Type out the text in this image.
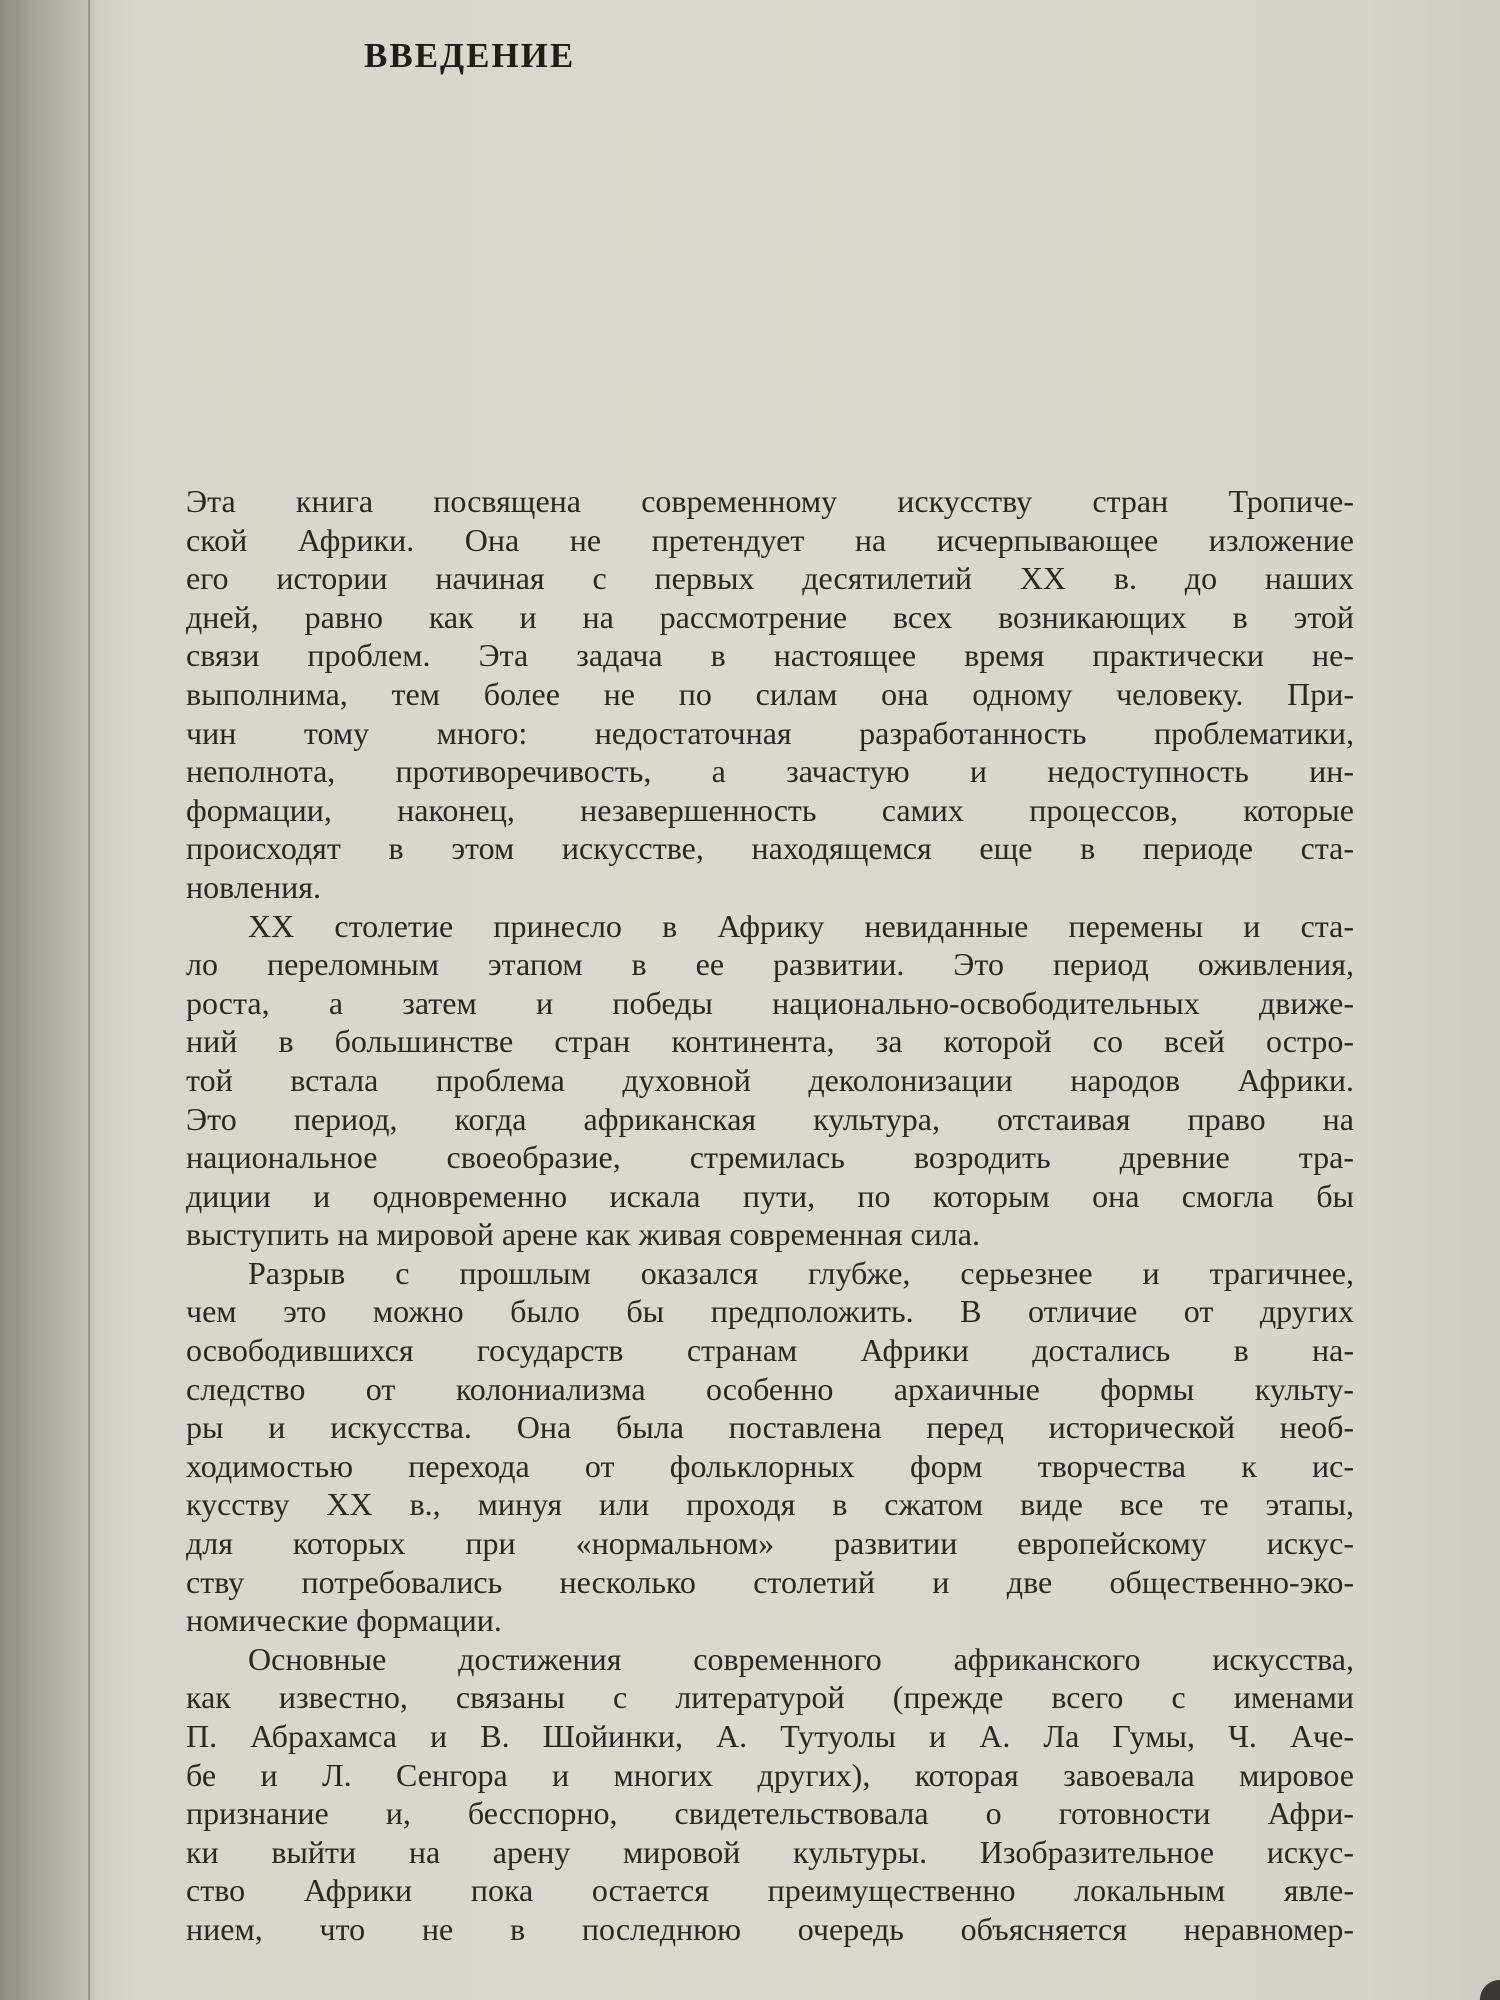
ВВЕДЕНИЕ
Эта книга посвящена современному искусству стран Тропиче-
ской Африки. Она не претендует на исчерпывающее изложение
его истории начиная с первых десятилетий XX в. до наших
дней, равно как и на рассмотрение всех возникающих в этой
связи проблем. Эта задача в настоящее время практически не-
выполнима, тем более не по силам она одному человеку. При-
чин тому много: недостаточная разработанность проблематики,
неполнота, противоречивость, а зачастую и недоступность ин-
формации, наконец, незавершенность самих процессов, которые
происходят в этом искусстве, находящемся еще в периоде ста-
новления.
XX столетие принесло в Африку невиданные перемены и ста-
ло переломным этапом в ее развитии. Это период оживления,
роста, а затем и победы национально-освободительных движе-
ний в большинстве стран континента, за которой со всей остро-
той встала проблема духовной деколонизации народов Африки.
Это период, когда африканская культура, отстаивая право на
национальное своеобразие, стремилась возродить древние тра-
диции и одновременно искала пути, по которым она смогла бы
выступить на мировой арене как живая современная сила.
Разрыв с прошлым оказался глубже, серьезнее и трагичнее,
чем это можно было бы предположить. В отличие от других
освободившихся государств странам Африки достались в на-
следство от колониализма особенно архаичные формы культу-
ры и искусства. Она была поставлена перед исторической необ-
ходимостью перехода от фольклорных форм творчества к ис-
кусству XX в., минуя или проходя в сжатом виде все те этапы,
для которых при «нормальном» развитии европейскому искус-
ству потребовались несколько столетий и две общественно-эко-
номические формации.
Основные достижения современного африканского искусства,
как известно, связаны с литературой (прежде всего с именами
П. Абрахамса и В. Шойинки, А. Тутуолы и А. Ла Гумы, Ч. Аче-
бе и Л. Сенгора и многих других), которая завоевала мировое
признание и, бесспорно, свидетельствовала о готовности Афри-
ки выйти на арену мировой культуры. Изобразительное искус-
ство Африки пока остается преимущественно локальным явле-
нием, что не в последнюю очередь объясняется неравномер-
